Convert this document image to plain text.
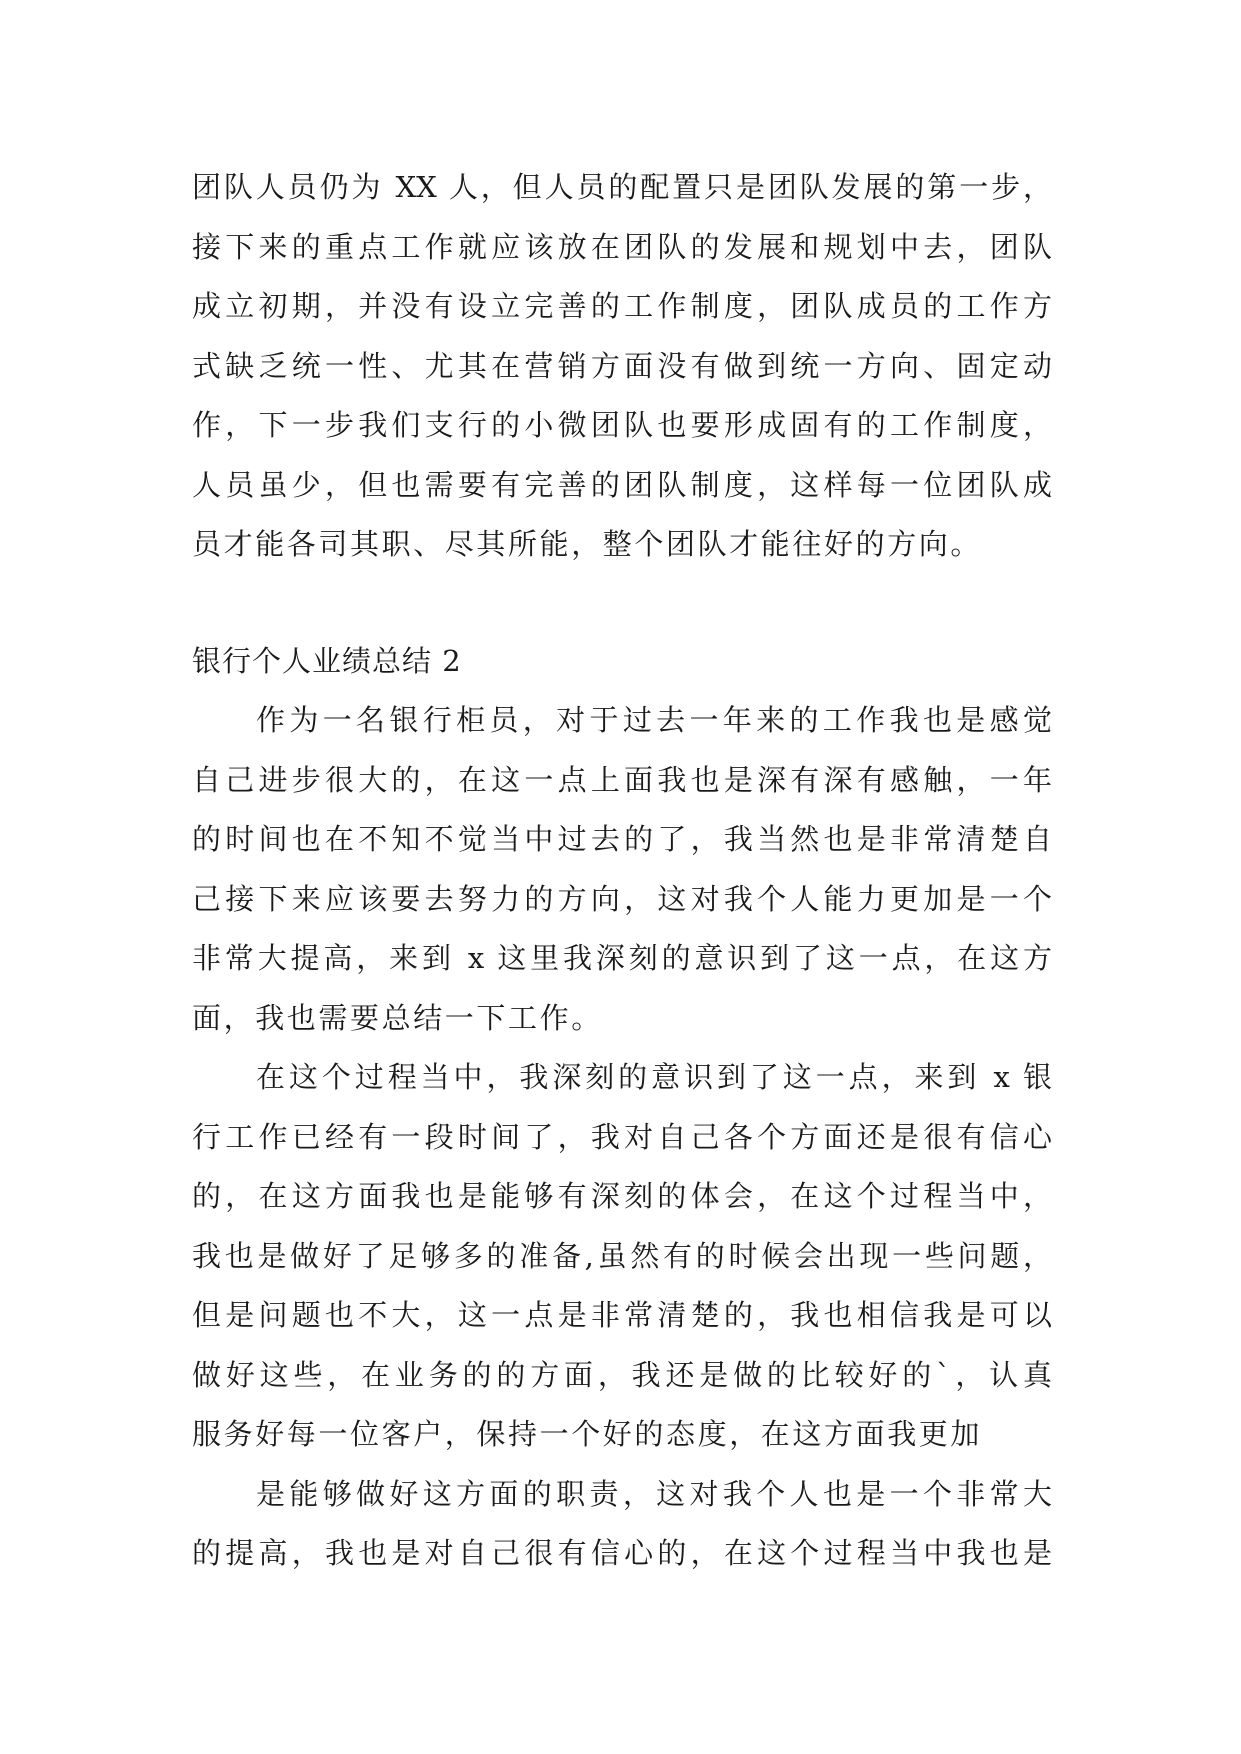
团队人员仍为 XX 人，但人员的配置只是团队发展的第一步，
接下来的重点工作就应该放在团队的发展和规划中去，团队
成立初期，并没有设立完善的工作制度，团队成员的工作方
式缺乏统一性、尤其在营销方面没有做到统一方向、固定动
作，下一步我们支行的小微团队也要形成固有的工作制度，
人员虽少，但也需要有完善的团队制度，这样每一位团队成
员才能各司其职、尽其所能，整个团队才能往好的方向。
银行个人业绩总结 2
作为一名银行柜员，对于过去一年来的工作我也是感觉
自己进步很大的，在这一点上面我也是深有深有感触，一年
的时间也在不知不觉当中过去的了，我当然也是非常清楚自
己接下来应该要去努力的方向，这对我个人能力更加是一个
非常大提高，来到 x 这里我深刻的意识到了这一点，在这方
面，我也需要总结一下工作。
在这个过程当中，我深刻的意识到了这一点，来到 x 银
行工作已经有一段时间了，我对自己各个方面还是很有信心
的，在这方面我也是能够有深刻的体会，在这个过程当中，
我也是做好了足够多的准备,虽然有的时候会出现一些问题，
但是问题也不大，这一点是非常清楚的，我也相信我是可以
做好这些，在业务的的方面，我还是做的比较好的`，认真
服务好每一位客户，保持一个好的态度，在这方面我更加
是能够做好这方面的职责，这对我个人也是一个非常大
的提高，我也是对自己很有信心的，在这个过程当中我也是
